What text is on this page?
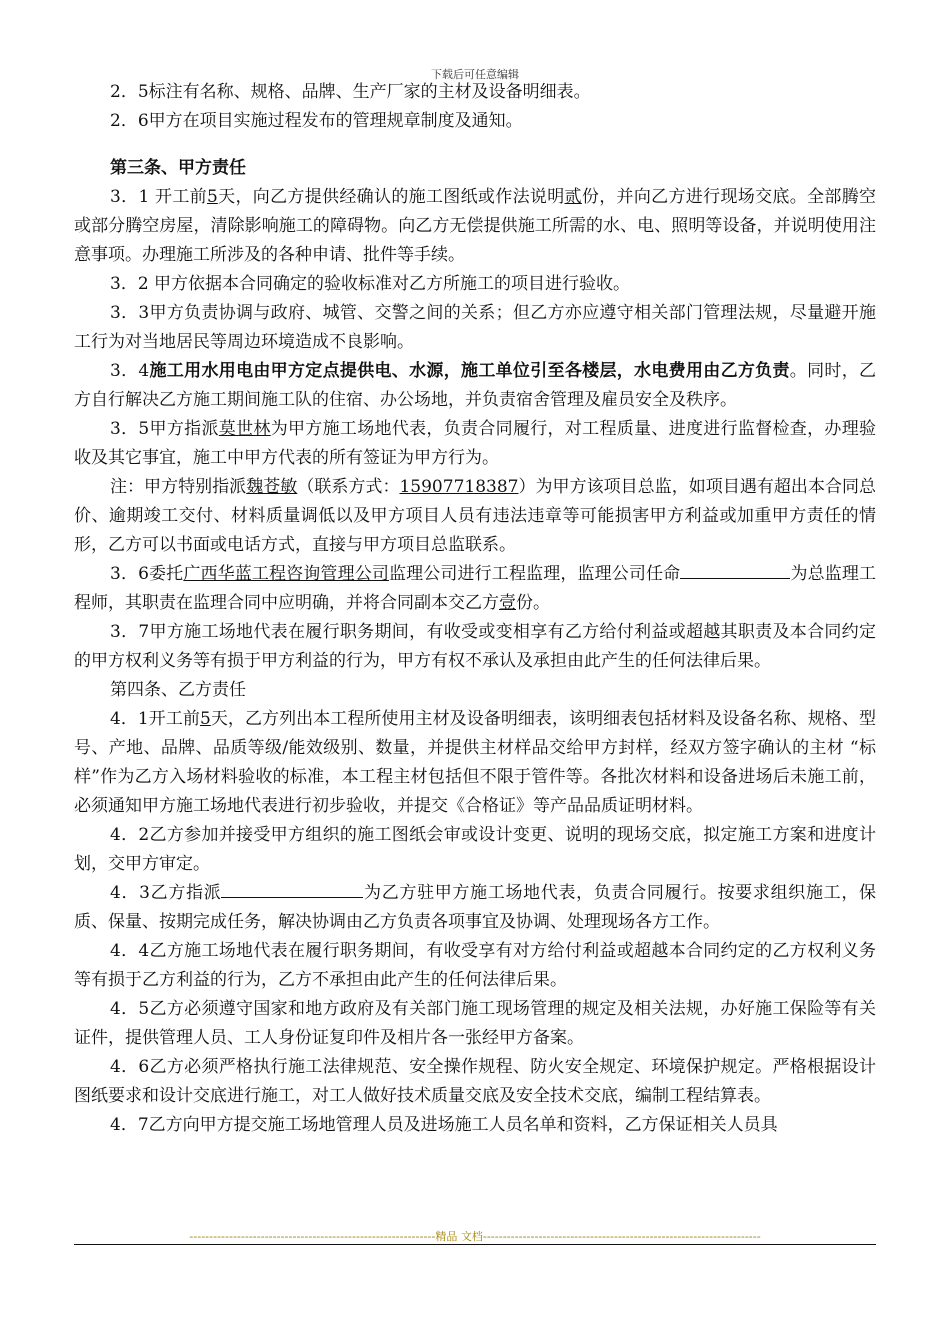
下载后可任意编辑

2．5标注有名称、规格、品牌、生产厂家的主材及设备明细表。

2．6甲方在项目实施过程发布的管理规章制度及通知。

第三条、甲方责任

3．1 开工前5天，向乙方提供经确认的施工图纸或作法说明贰份，并向乙方进行现场交底。全部腾空或部分腾空房屋，清除影响施工的障碍物。向乙方无偿提供施工所需的水、电、照明等设备，并说明使用注意事项。办理施工所涉及的各种申请、批件等手续。

3．2 甲方依据本合同确定的验收标准对乙方所施工的项目进行验收。

3．3甲方负责协调与政府、城管、交警之间的关系；但乙方亦应遵守相关部门管理法规，尽量避开施工行为对当地居民等周边环境造成不良影响。

3．4施工用水用电由甲方定点提供电、水源，施工单位引至各楼层，水电费用由乙方负责。同时，乙方自行解决乙方施工期间施工队的住宿、办公场地，并负责宿舍管理及雇员安全及秩序。

3．5甲方指派莫世林为甲方施工场地代表，负责合同履行，对工程质量、进度进行监督检查，办理验收及其它事宜，施工中甲方代表的所有签证为甲方行为。

注：甲方特别指派魏苍敏（联系方式：15907718387）为甲方该项目总监，如项目遇有超出本合同总价、逾期竣工交付、材料质量调低以及甲方项目人员有违法违章等可能损害甲方利益或加重甲方责任的情形，乙方可以书面或电话方式，直接与甲方项目总监联系。

3．6委托广西华蓝工程咨询管理公司监理公司进行工程监理，监理公司任命	为总监理工程师，其职责在监理合同中应明确，并将合同副本交乙方壹份。

3．7甲方施工场地代表在履行职务期间，有收受或变相享有乙方给付利益或超越其职责及本合同约定的甲方权利义务等有损于甲方利益的行为，甲方有权不承认及承担由此产生的任何法律后果。

第四条、乙方责任

4．1开工前5天，乙方列出本工程所使用主材及设备明细表，该明细表包括材料及设备名称、规格、型号、产地、品牌、品质等级/能效级别、数量，并提供主材样品交给甲方封样，经双方签字确认的主材 “标样”作为乙方入场材料验收的标准，本工程主材包括但不限于管件等。各批次材料和设备进场后未施工前，必须通知甲方施工场地代表进行初步验收，并提交《合格证》等产品品质证明材料。

4．2乙方参加并接受甲方组织的施工图纸会审或设计变更、说明的现场交底，拟定施工方案和进度计划，交甲方审定。

4．3乙方指派	为乙方驻甲方施工场地代表，负责合同履行。按要求组织施工，保质、保量、按期完成任务，解决协调由乙方负责各项事宜及协调、处理现场各方工作。

4．4乙方施工场地代表在履行职务期间，有收受享有对方给付利益或超越本合同约定的乙方权利义务等有损于乙方利益的行为，乙方不承担由此产生的任何法律后果。

4．5乙方必须遵守国家和地方政府及有关部门施工现场管理的规定及相关法规，办好施工保险等有关证件，提供管理人员、工人身份证复印件及相片各一张经甲方备案。

4．6乙方必须严格执行施工法律规范、安全操作规程、防火安全规定、环境保护规定。严格根据设计图纸要求和设计交底进行施工，对工人做好技术质量交底及安全技术交底，编制工程结算表。

4．7乙方向甲方提交施工场地管理人员及进场施工人员名单和资料，乙方保证相关人员具

--------------------------------------------------------------精品 文档----------------------------------------------------------------------
